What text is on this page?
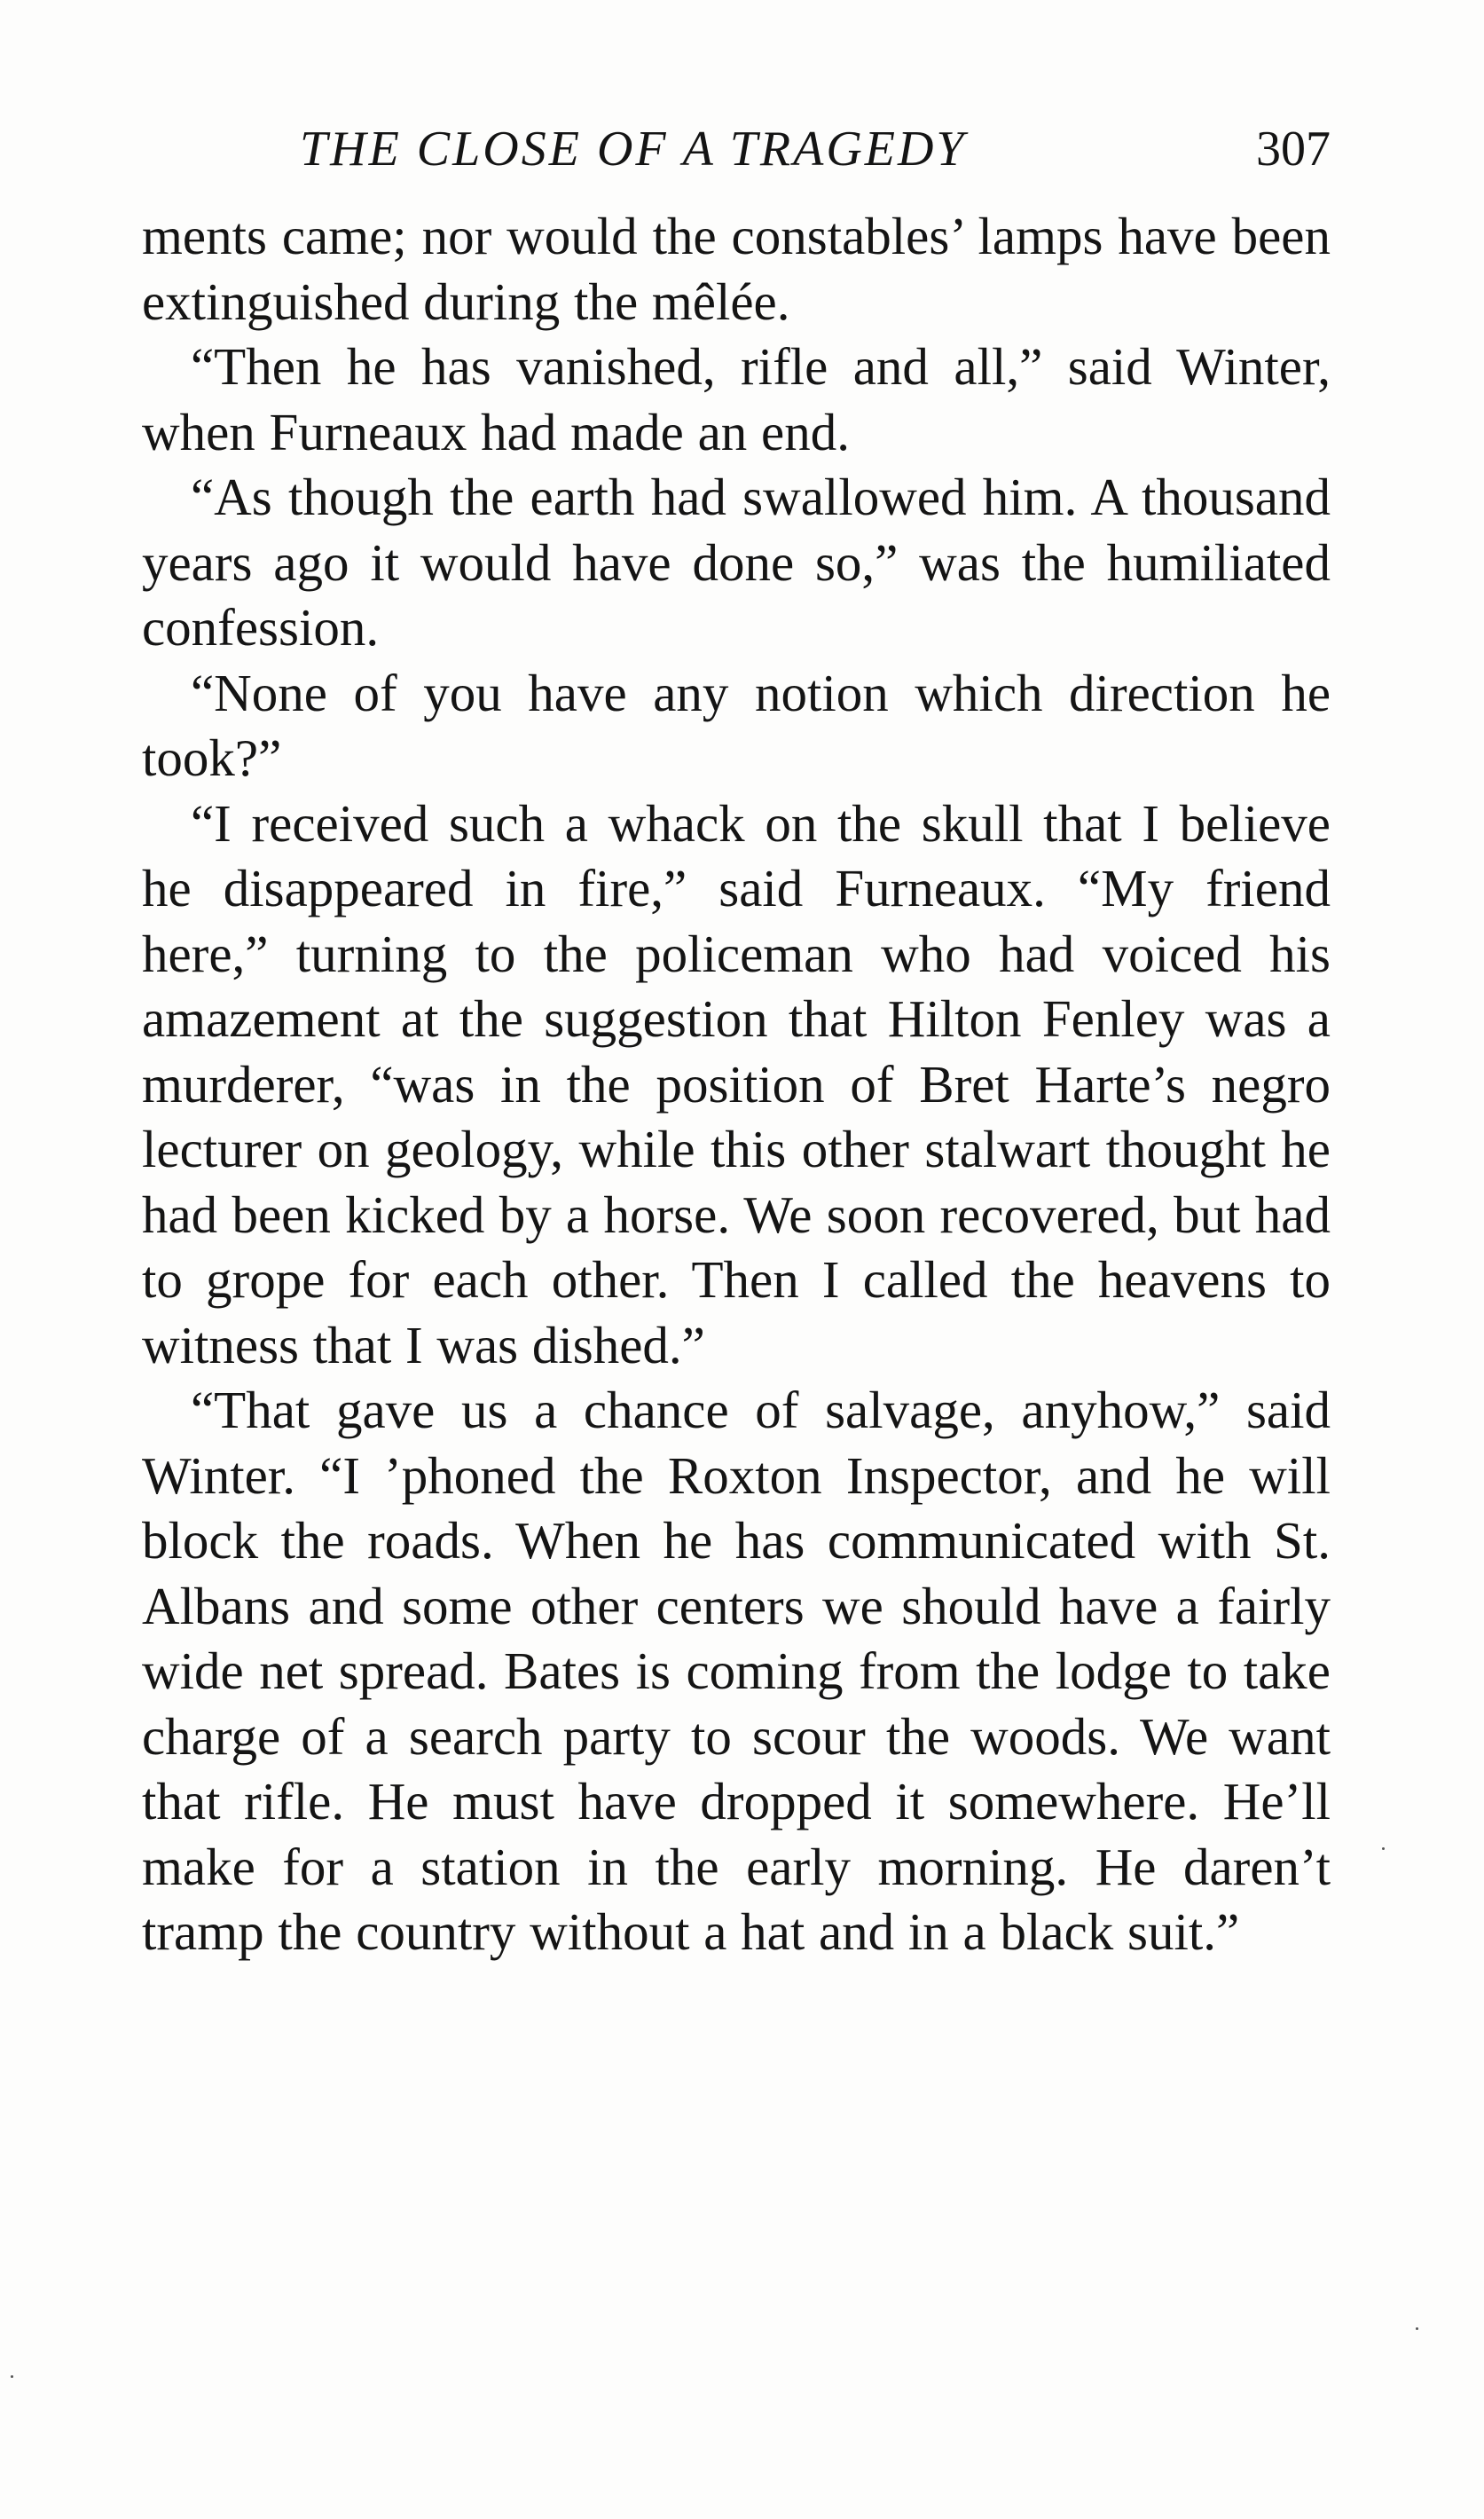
THE CLOSE OF A TRAGEDY	307

ments came; nor would the constables’ lamps have been extinguished during the mêlée.

“Then he has vanished, rifle and all,” said Winter, when Furneaux had made an end.

“As though the earth had swallowed him. A thousand years ago it would have done so,” was the humiliated confession.

“None of you have any notion which direction he took?”

“I received such a whack on the skull that I believe he disappeared in fire,” said Furneaux. “My friend here,” turning to the policeman who had voiced his amazement at the suggestion that Hilton Fenley was a murderer, “was in the position of Bret Harte’s negro lecturer on geology, while this other stalwart thought he had been kicked by a horse. We soon recovered, but had to grope for each other. Then I called the heavens to witness that I was dished.”

“That gave us a chance of salvage, anyhow,” said Winter. “I ’phoned the Roxton Inspector, and he will block the roads. When he has communicated with St. Albans and some other centers we should have a fairly wide net spread. Bates is coming from the lodge to take charge of a search party to scour the woods. We want that rifle. He must have dropped it somewhere. He’ll make for a station in the early morning. He daren’t tramp the country without a hat and in a black suit.”
